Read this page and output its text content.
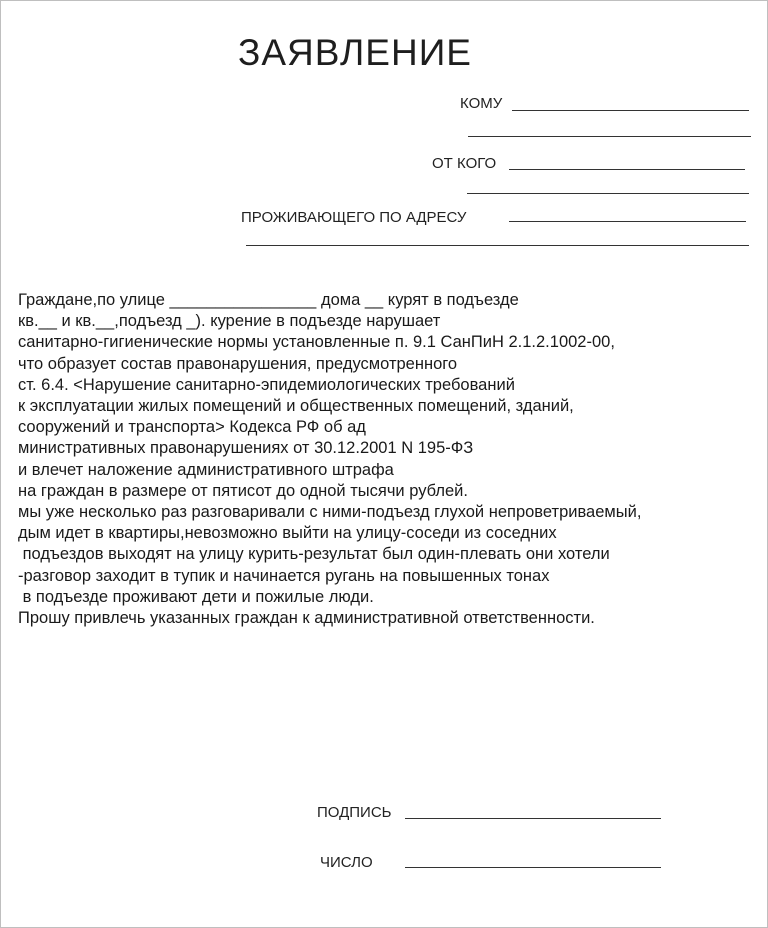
ЗАЯВЛЕНИЕ
КОМУ
ОТ КОГО
ПРОЖИВАЮЩЕГО ПО АДРЕСУ

Граждане,по улице ________________ дома __ курят в подъезде

кв.__ и кв.__,подъезд _). курение в подъезде нарушает

санитарно-гигиенические нормы установленные п. 9.1 СанПиН 2.1.2.1002-00,

что образует состав правонарушения, предусмотренного

ст. 6.4. <Нарушение санитарно-эпидемиологических требований

к эксплуатации жилых помещений и общественных помещений, зданий,

сооружений и транспорта> Кодекса РФ об ад

министративных правонарушениях от 30.12.2001 N 195-ФЗ

и влечет наложение административного штрафа

на граждан в размере от пятисот до одной тысячи рублей.

мы уже несколько раз разговаривали с ними-подъезд глухой непроветриваемый,

дым идет в квартиры,невозможно выйти на улицу-соседи из соседних

подъездов выходят на улицу курить-результат был один-плевать они хотели

-разговор заходит в тупик и начинается ругань на повышенных тонах

в подъезде проживают дети и пожилые люди.

Прошу привлечь указанных граждан к административной ответственности.

ПОДПИСЬ
ЧИСЛО
